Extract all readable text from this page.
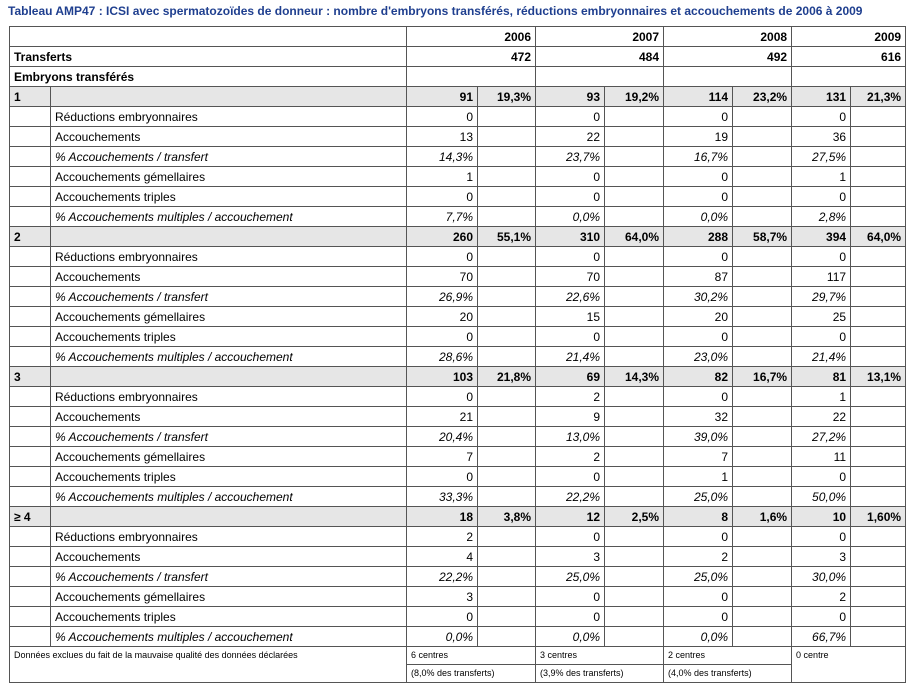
Tableau AMP47 : ICSI avec spermatozoïdes de donneur : nombre d'embryons transférés, réductions embryonnaires et accouchements de 2006 à 2009
		2006		2007		2008		2009	
Transferts		472		484		492		616	
Embryons transférés									
1		91	19,3%	93	19,2%	114	23,2%	131	21,3%
	Réductions embryonnaires	0		0		0		0	
	Accouchements	13		22		19		36	
	% Accouchements / transfert	14,3%		23,7%		16,7%		27,5%	
	Accouchements gémellaires	1		0		0		1	
	Accouchements triples	0		0		0		0	
	% Accouchements multiples / accouchement	7,7%		0,0%		0,0%		2,8%	
2		260	55,1%	310	64,0%	288	58,7%	394	64,0%
	Réductions embryonnaires	0		0		0		0	
	Accouchements	70		70		87		117	
	% Accouchements / transfert	26,9%		22,6%		30,2%		29,7%	
	Accouchements gémellaires	20		15		20		25	
	Accouchements triples	0		0		0		0	
	% Accouchements multiples / accouchement	28,6%		21,4%		23,0%		21,4%	
3		103	21,8%	69	14,3%	82	16,7%	81	13,1%
	Réductions embryonnaires	0		2		0		1	
	Accouchements	21		9		32		22	
	% Accouchements / transfert	20,4%		13,0%		39,0%		27,2%	
	Accouchements gémellaires	7		2		7		11	
	Accouchements triples	0		0		1		0	
	% Accouchements multiples / accouchement	33,3%		22,2%		25,0%		50,0%	
≥ 4		18	3,8%	12	2,5%	8	1,6%	10	1,60%
	Réductions embryonnaires	2		0		0		0	
	Accouchements	4		3		2		3	
	% Accouchements / transfert	22,2%		25,0%		25,0%		30,0%	
	Accouchements gémellaires	3		0		0		2	
	Accouchements triples	0		0		0		0	
	% Accouchements multiples / accouchement	0,0%		0,0%		0,0%		66,7%	
Données exclues du fait de la mauvaise qualité des données déclarées		6 centres		3 centres		2 centres		0 centre	
		(8,0% des transferts)		(3,9% des transferts)		(4,0% des transferts)			
